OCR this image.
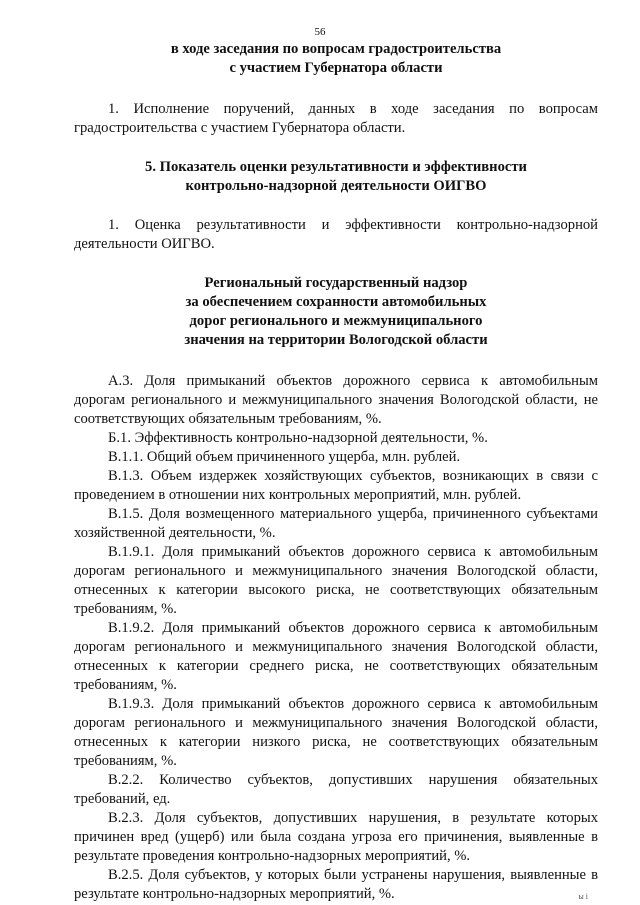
56

в ходе заседания по вопросам градостроительства

с участием Губернатора области

1. Исполнение поручений, данных в ходе заседания по вопросам градостроительства с участием Губернатора области.

5. Показатель оценки результативности и эффективности

контрольно-надзорной деятельности ОИГВО

1. Оценка результативности и эффективности контрольно-надзорной деятельности ОИГВО.

Региональный государственный надзор

за обеспечением сохранности автомобильных

дорог регионального и межмуниципального

значения на территории Вологодской области

А.3. Доля примыканий объектов дорожного сервиса к автомобильным дорогам регионального и межмуниципального значения Вологодской области, не соответствующих обязательным требованиям, %.

Б.1. Эффективность контрольно-надзорной деятельности, %.

В.1.1. Общий объем причиненного ущерба, млн. рублей.

В.1.3. Объем издержек хозяйствующих субъектов, возникающих в связи с проведением в отношении них контрольных мероприятий, млн. рублей.

В.1.5. Доля возмещенного материального ущерба, причиненного субъектами хозяйственной деятельности, %.

В.1.9.1. Доля примыканий объектов дорожного сервиса к автомобильным дорогам регионального и межмуниципального значения Вологодской области, отнесенных к категории высокого риска, не соответствующих обязательным требованиям, %.

В.1.9.2. Доля примыканий объектов дорожного сервиса к автомобильным дорогам регионального и межмуниципального значения Вологодской области, отнесенных к категории среднего риска, не соответствующих обязательным требованиям, %.

В.1.9.3. Доля примыканий объектов дорожного сервиса к автомобильным дорогам регионального и межмуниципального значения Вологодской области, отнесенных к категории низкого риска, не соответствующих обязательным требованиям, %.

В.2.2. Количество субъектов, допустивших нарушения обязательных требований, ед.

В.2.3. Доля субъектов, допустивших нарушения, в результате которых причинен вред (ущерб) или была создана угроза его причинения, выявленные в результате проведения контрольно-надзорных мероприятий, %.

В.2.5. Доля субъектов, у которых были устранены нарушения, выявленные в результате контрольно-надзорных мероприятий, %.	ы і
